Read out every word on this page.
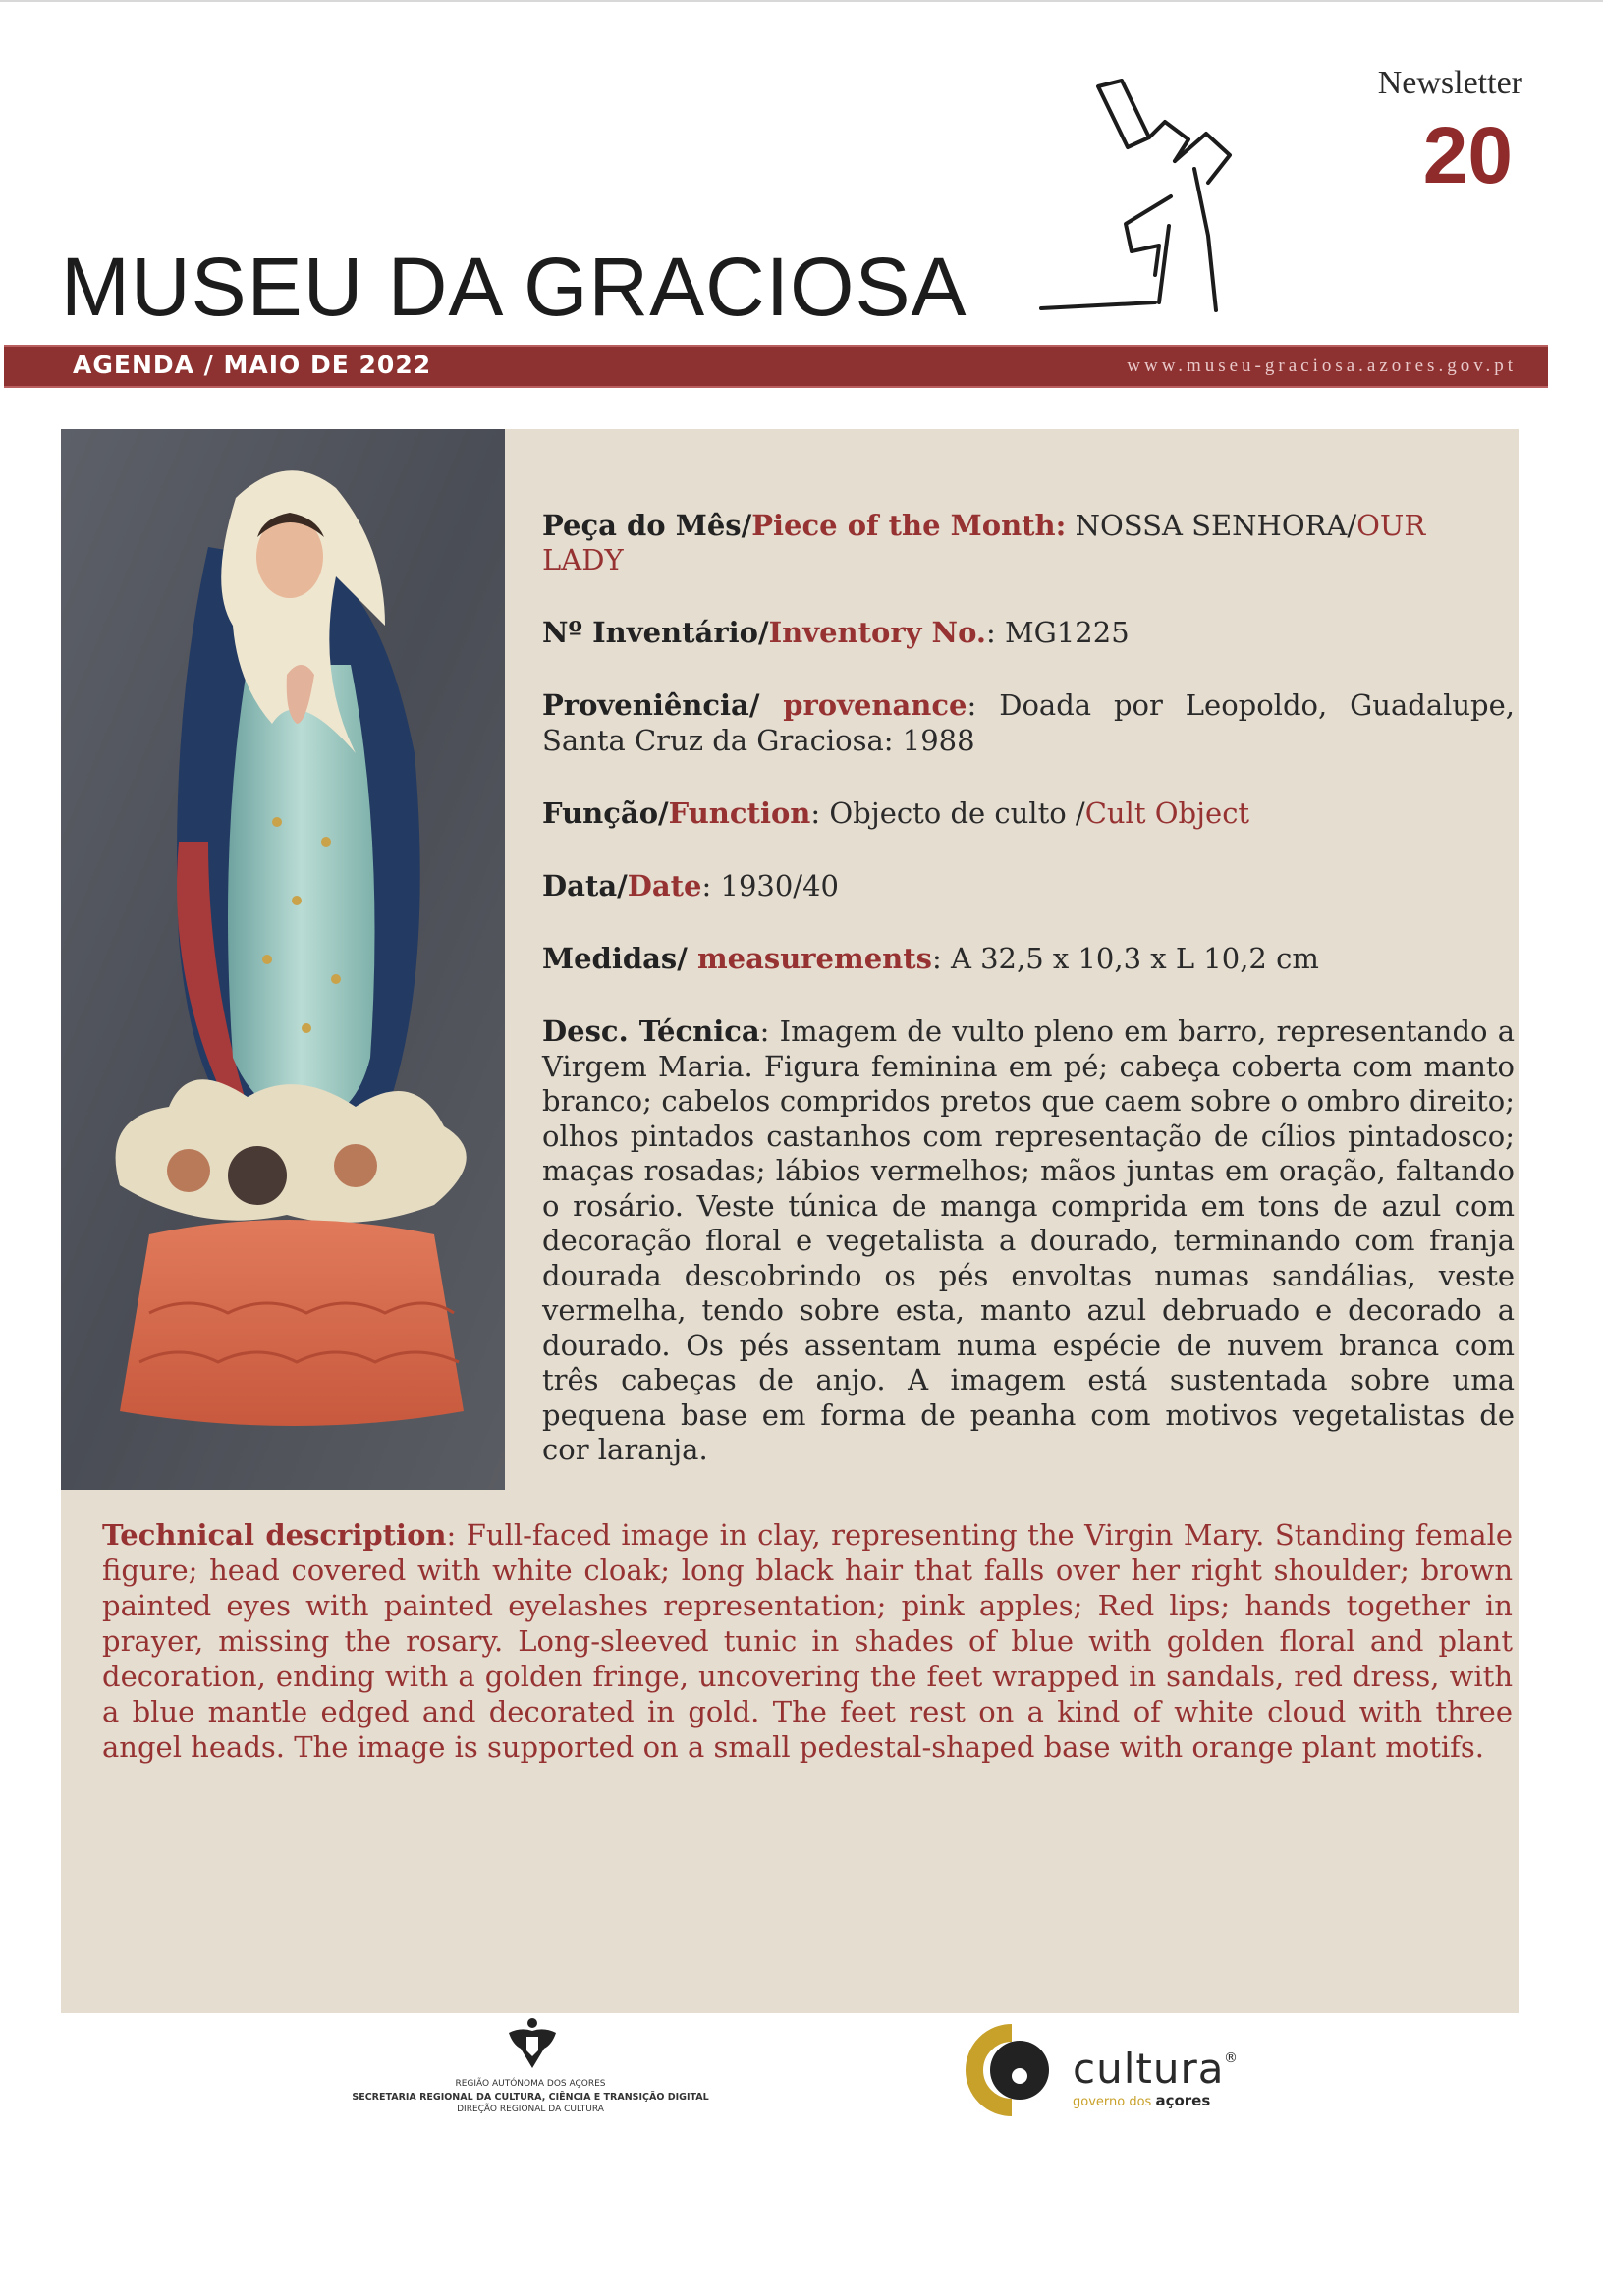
Newsletter
20
MUSEU DA GRACIOSA
AGENDA / MAIO DE 2022	www.museu-graciosa.azores.gov.pt

Peça do Mês/Piece of the Month: NOSSA SENHORA/OUR LADY

Nº Inventário/Inventory No.: MG1225

Proveniência/ provenance: Doada por Leopoldo, Guadalupe, Santa Cruz da Graciosa: 1988

Função/Function: Objecto de culto /Cult Object

Data/Date: 1930/40

Medidas/ measurements: A 32,5 x 10,3 x L 10,2 cm

Desc. Técnica: Imagem de vulto pleno em barro, representando a Virgem Maria. Figura feminina em pé; cabeça coberta com manto branco; cabelos compridos pretos que caem sobre o ombro direito; olhos pintados castanhos com representação de cílios pintadosco; maças rosadas; lábios vermelhos; mãos juntas em oração, faltando o rosário. Veste túnica de manga comprida em tons de azul com decoração floral e vegetalista a dourado, terminando com franja dourada descobrindo os pés envoltas numas sandálias, veste vermelha, tendo sobre esta, manto azul debruado e decorado a dourado. Os pés assentam numa espécie de nuvem branca com três cabeças de anjo. A imagem está sustentada sobre uma pequena base em forma de peanha com motivos vegetalistas de cor laranja.

Technical description: Full-faced image in clay, representing the Virgin Mary. Standing female figure; head covered with white cloak; long black hair that falls over her right shoulder; brown painted eyes with painted eyelashes representation; pink apples; Red lips; hands together in prayer, missing the rosary. Long-sleeved tunic in shades of blue with golden floral and plant decoration, ending with a golden fringe, uncovering the feet wrapped in sandals, red dress, with a blue mantle edged and decorated in gold. The feet rest on a kind of white cloud with three angel heads. The image is supported on a small pedestal-shaped base with orange plant motifs.
REGIÃO AUTÓNOMA DOS AÇORES
SECRETARIA REGIONAL DA CULTURA, CIÊNCIA E TRANSIÇÃO DIGITAL
DIREÇÃO REGIONAL DA CULTURA
cultura ®
governo dos açores
